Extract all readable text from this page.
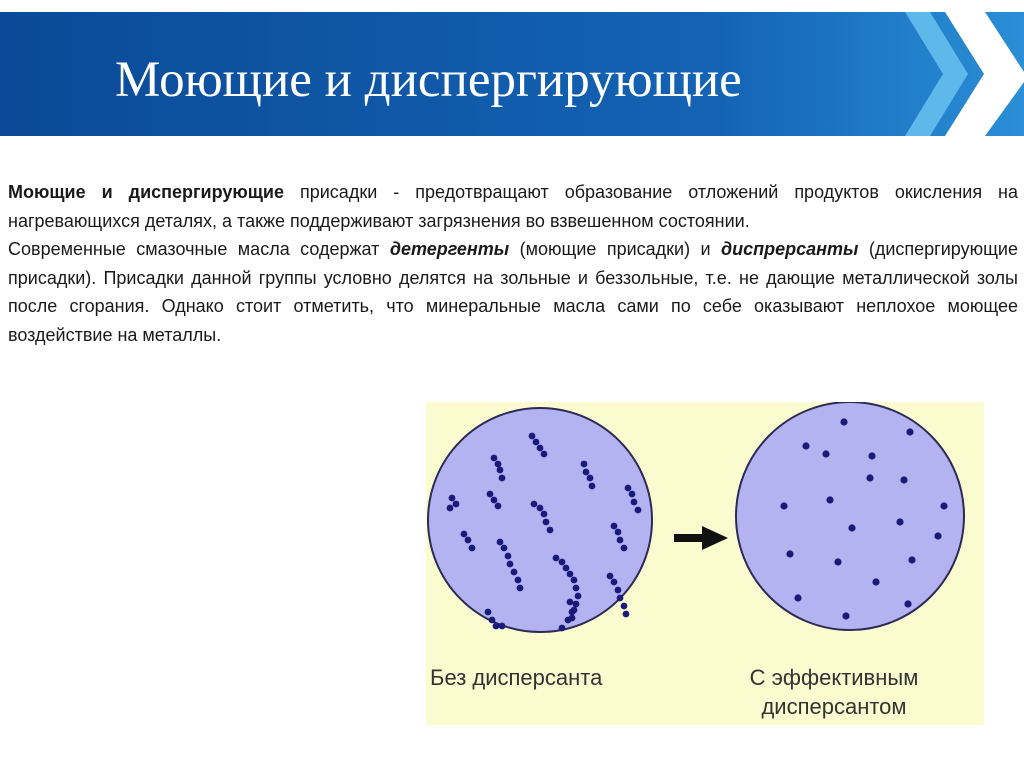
Моющие и диспергирующие

Моющие и диспергирующие присадки - предотвращают образование отложений продуктов окисления на нагревающихся деталях, а также поддерживают загрязнения во взвешенном состоянии.
Современные смазочные масла содержат детергенты (моющие присадки) и диспрерсанты (диспергирующие присадки). Присадки данной группы условно делятся на зольные и беззольные, т.е. не дающие металлической золы после сгорания. Однако стоит отметить, что минеральные масла сами по себе оказывают неплохое моющее воздействие на металлы.

Без дисперсанта	С эффективным дисперсантом
